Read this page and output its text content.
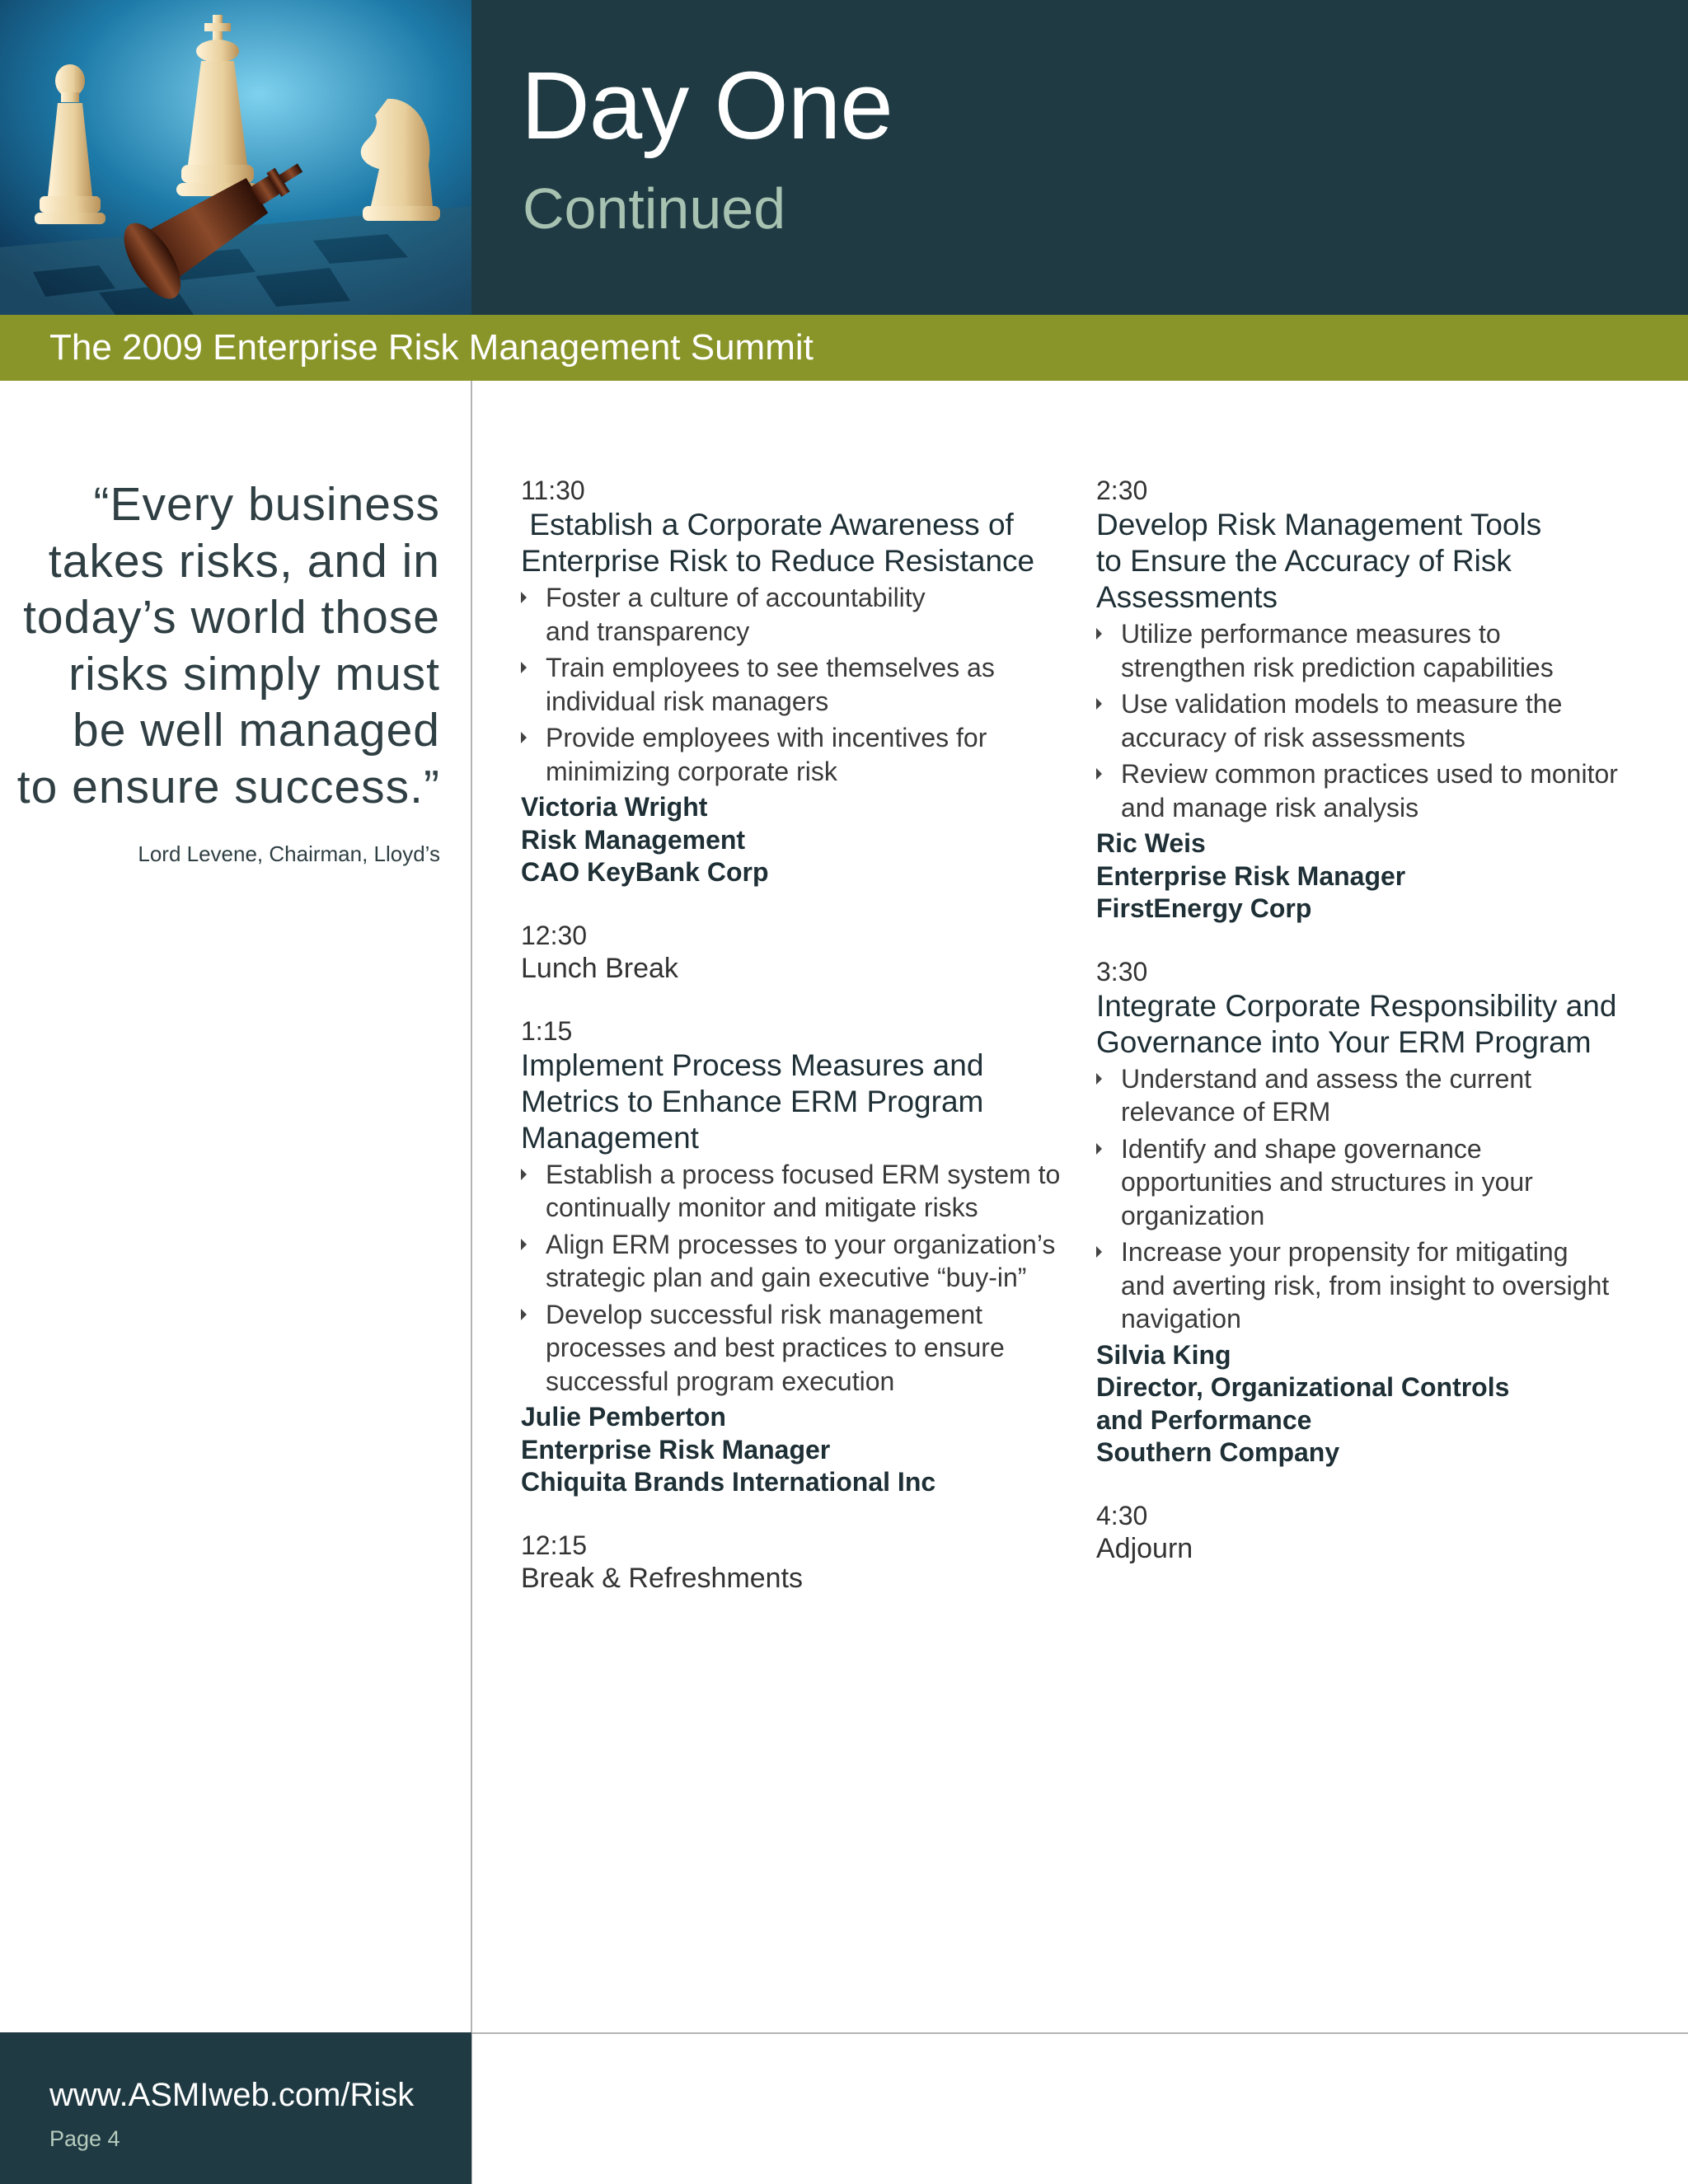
Day One
Continued
The 2009 Enterprise Risk Management Summit
“Every business
takes risks, and in
today’s world those
risks simply must
be well managed
to ensure success.”
Lord Levene, Chairman, Lloyd’s
11:30
Establish a Corporate Awareness of
Enterprise Risk to Reduce Resistance
Foster a culture of accountability
and transparency
Train employees to see themselves as
individual risk managers
Provide employees with incentives for
minimizing corporate risk
Victoria Wright
Risk Management
CAO KeyBank Corp
12:30
Lunch Break
1:15
Implement Process Measures and
Metrics to Enhance ERM Program
Management
Establish a process focused ERM system to
continually monitor and mitigate risks
Align ERM processes to your organization’s
strategic plan and gain executive “buy-in”
Develop successful risk management
processes and best practices to ensure
successful program execution
Julie Pemberton
Enterprise Risk Manager
Chiquita Brands International Inc
12:15
Break & Refreshments
2:30
Develop Risk Management Tools
to Ensure the Accuracy of Risk
Assessments
Utilize performance measures to
strengthen risk prediction capabilities
Use validation models to measure the
accuracy of risk assessments
Review common practices used to monitor
and manage risk analysis
Ric Weis
Enterprise Risk Manager
FirstEnergy Corp
3:30
Integrate Corporate Responsibility and
Governance into Your ERM Program
Understand and assess the current
relevance of ERM
Identify and shape governance
opportunities and structures in your
organization
Increase your propensity for mitigating
and averting risk, from insight to oversight
navigation
Silvia King
Director, Organizational Controls
and Performance
Southern Company
4:30
Adjourn
www.ASMIweb.com/Risk
Page 4
